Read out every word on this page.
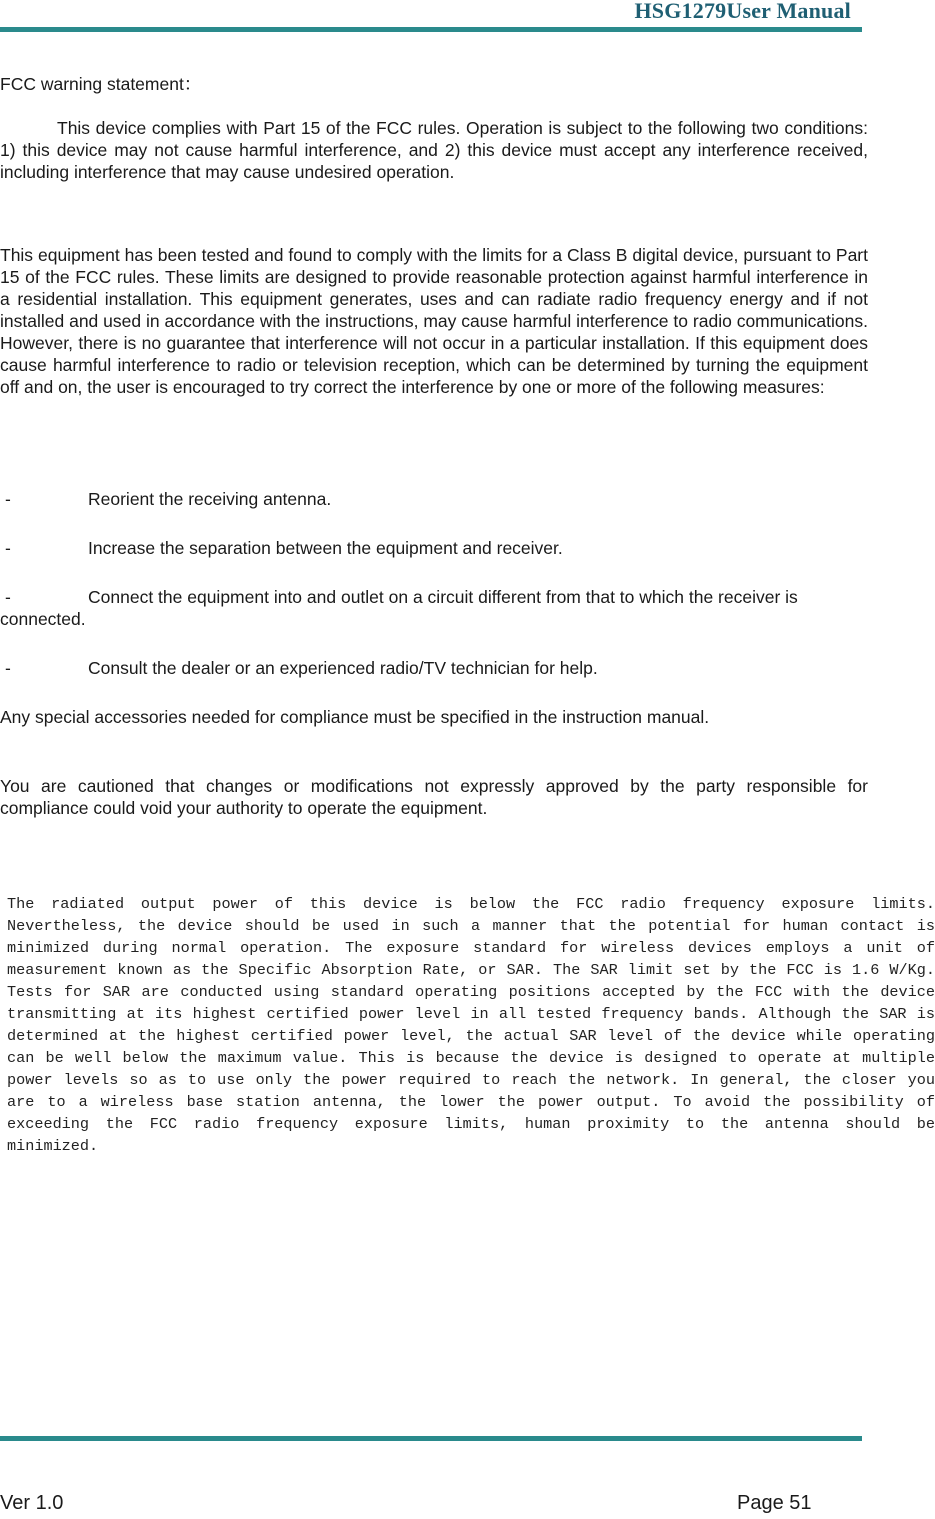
HSG1279User Manual

FCC warning statement：

This device complies with Part 15 of the FCC rules. Operation is subject to the following two conditions: 1) this device may not cause harmful interference, and 2) this device must accept any interference received, including interference that may cause undesired operation.

This equipment has been tested and found to comply with the limits for a Class B digital device, pursuant to Part 15 of the FCC rules. These limits are designed to provide reasonable protection against harmful interference in a residential installation. This equipment generates, uses and can radiate radio frequency energy and if not installed and used in accordance with the instructions, may cause harmful interference to radio communications. However, there is no guarantee that interference will not occur in a particular installation. If this equipment does cause harmful interference to radio or television reception, which can be determined by turning the equipment off and on, the user is encouraged to try correct the interference by one or more of the following measures:

-	Reorient the receiving antenna.
-	Increase the separation between the equipment and receiver.
-	Connect the equipment into and outlet on a circuit different from that to which the receiver is connected.
-	Consult the dealer or an experienced radio/TV technician for help.

Any special accessories needed for compliance must be specified in the instruction manual.

You are cautioned that changes or modifications not expressly approved by the party responsible for compliance could void your authority to operate the equipment.

The radiated output power of this device is below the FCC radio frequency exposure limits. Nevertheless, the device should be used in such a manner that the potential for human contact is minimized during normal operation. The exposure standard for wireless devices employs a unit of measurement known as the Specific Absorption Rate, or SAR. The SAR limit set by the FCC is 1.6 W/Kg. Tests for SAR are conducted using standard operating positions accepted by the FCC with the device transmitting at its highest certified power level in all tested frequency bands. Although the SAR is determined at the highest certified power level, the actual SAR level of the device while operating can be well below the maximum value. This is because the device is designed to operate at multiple power levels so as to use only the power required to reach the network. In general, the closer you are to a wireless base station antenna, the lower the power output. To avoid the possibility of exceeding the FCC radio frequency exposure limits, human proximity to the antenna should be minimized.

Ver 1.0	Page 51
